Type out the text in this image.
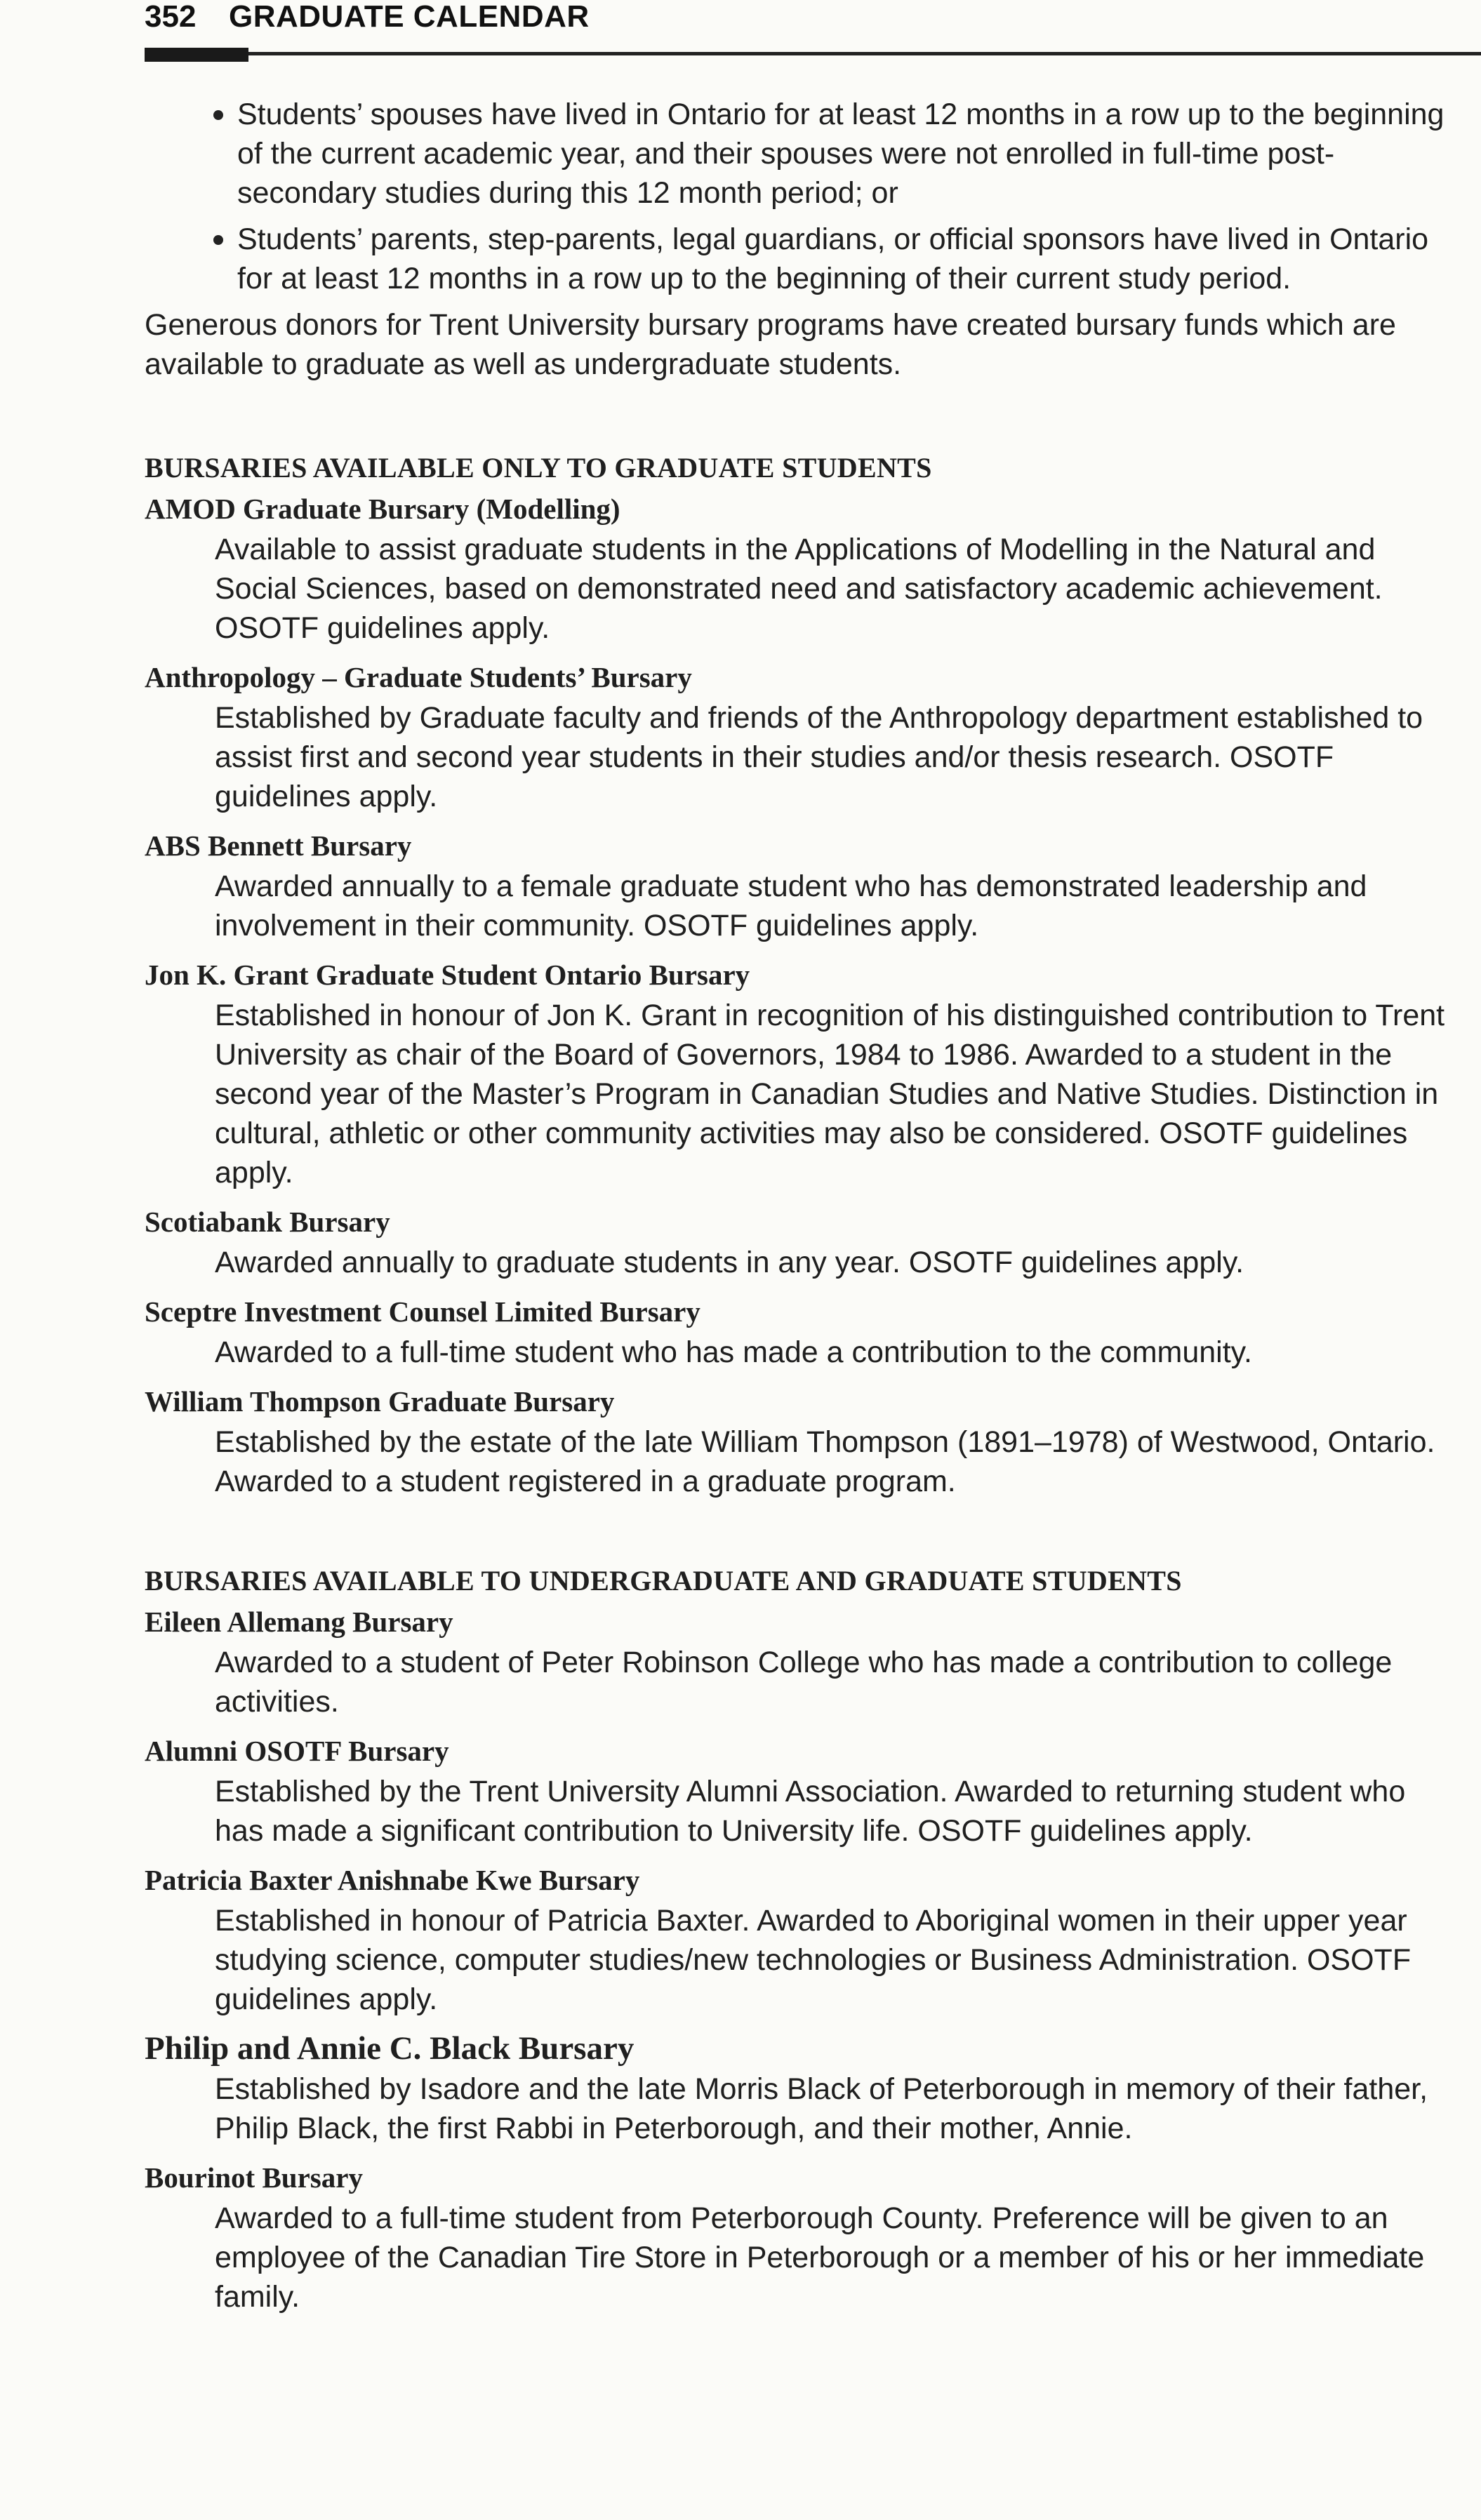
352 GRADUATE CALENDAR
Students’ spouses have lived in Ontario for at least 12 months in a row up to the beginning of the current academic year, and their spouses were not enrolled in full-time post-secondary studies during this 12 month period; or
Students’ parents, step-parents, legal guardians, or official sponsors have lived in Ontario for at least 12 months in a row up to the beginning of their current study period.

Generous donors for Trent University bursary programs have created bursary funds which are available to graduate as well as undergraduate students.

BURSARIES AVAILABLE ONLY TO GRADUATE STUDENTS
AMOD Graduate Bursary (Modelling)
Available to assist graduate students in the Applications of Modelling in the Natural and Social Sciences, based on demonstrated need and satisfactory academic achievement. OSOTF guidelines apply.
Anthropology – Graduate Students’ Bursary
Established by Graduate faculty and friends of the Anthropology department established to assist first and second year students in their studies and/or thesis research. OSOTF guidelines apply.
ABS Bennett Bursary
Awarded annually to a female graduate student who has demonstrated leadership and involvement in their community. OSOTF guidelines apply.
Jon K. Grant Graduate Student Ontario Bursary
Established in honour of Jon K. Grant in recognition of his distinguished contribution to Trent University as chair of the Board of Governors, 1984 to 1986. Awarded to a student in the second year of the Master’s Program in Canadian Studies and Native Studies. Distinction in cultural, athletic or other community activities may also be considered. OSOTF guidelines apply.
Scotiabank Bursary
Awarded annually to graduate students in any year. OSOTF guidelines apply.
Sceptre Investment Counsel Limited Bursary
Awarded to a full-time student who has made a contribution to the community.
William Thompson Graduate Bursary
Established by the estate of the late William Thompson (1891–1978) of Westwood, Ontario. Awarded to a student registered in a graduate program.
BURSARIES AVAILABLE TO UNDERGRADUATE AND GRADUATE STUDENTS
Eileen Allemang Bursary
Awarded to a student of Peter Robinson College who has made a contribution to college activities.
Alumni OSOTF Bursary
Established by the Trent University Alumni Association. Awarded to returning student who has made a significant contribution to University life. OSOTF guidelines apply.
Patricia Baxter Anishnabe Kwe Bursary
Established in honour of Patricia Baxter. Awarded to Aboriginal women in their upper year studying science, computer studies/new technologies or Business Administration. OSOTF guidelines apply.
Philip and Annie C. Black Bursary
Established by Isadore and the late Morris Black of Peterborough in memory of their father, Philip Black, the first Rabbi in Peterborough, and their mother, Annie.
Bourinot Bursary
Awarded to a full-time student from Peterborough County. Preference will be given to an employee of the Canadian Tire Store in Peterborough or a member of his or her immediate family.
